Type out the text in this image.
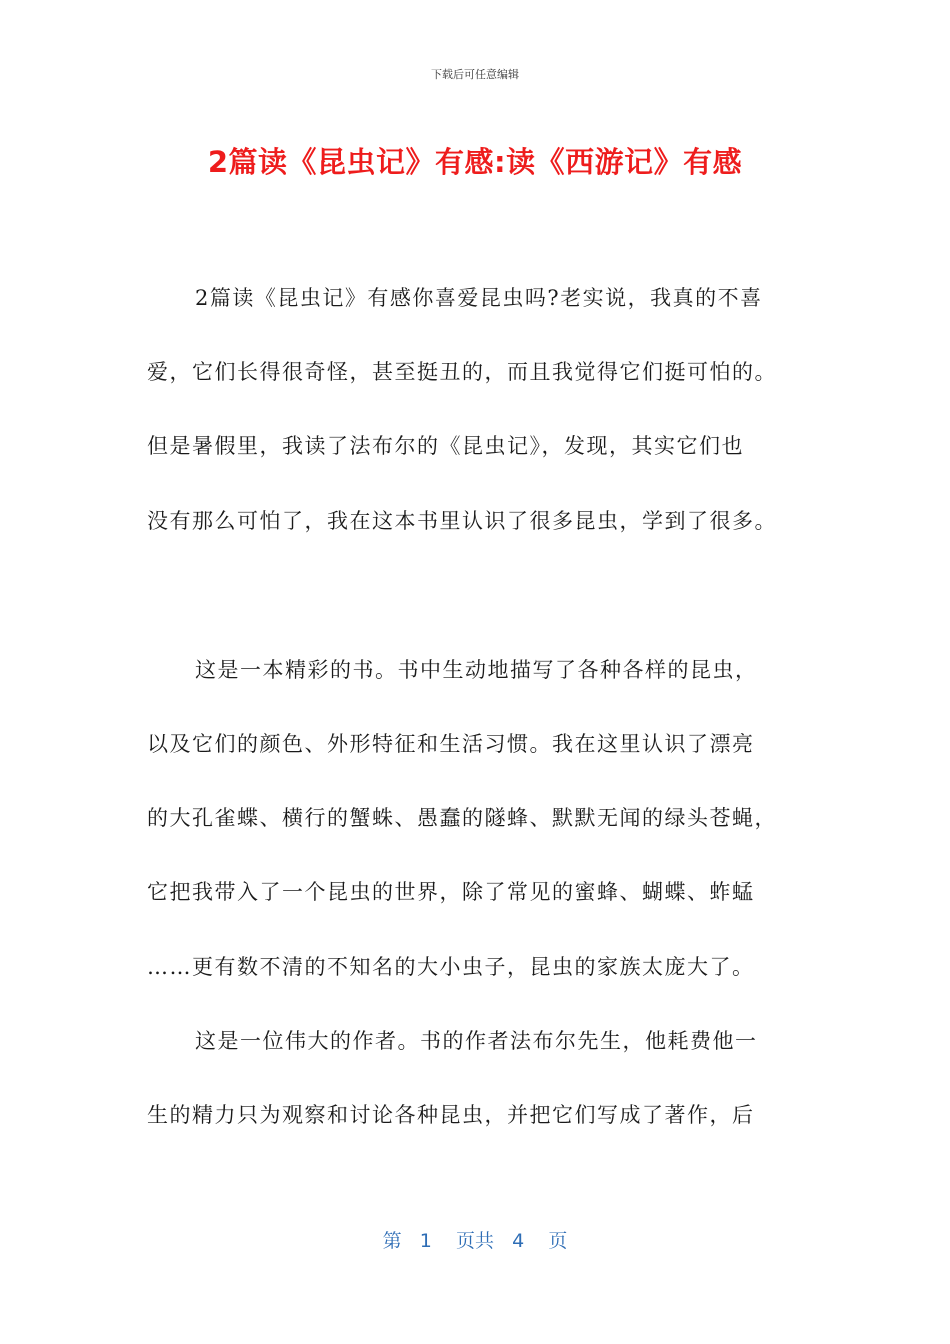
下载后可任意编辑
2篇读《昆虫记》有感:读《西游记》有感
2篇读《昆虫记》有感你喜爱昆虫吗?老实说，我真的不喜
爱，它们长得很奇怪，甚至挺丑的，而且我觉得它们挺可怕的。
但是暑假里，我读了法布尔的《昆虫记》，发现，其实它们也
没有那么可怕了，我在这本书里认识了很多昆虫，学到了很多。
这是一本精彩的书。书中生动地描写了各种各样的昆虫，
以及它们的颜色、外形特征和生活习惯。我在这里认识了漂亮
的大孔雀蝶、横行的蟹蛛、愚蠢的隧蜂、默默无闻的绿头苍蝇，
它把我带入了一个昆虫的世界，除了常见的蜜蜂、蝴蝶、蚱蜢
……更有数不清的不知名的大小虫子，昆虫的家族太庞大了。
这是一位伟大的作者。书的作者法布尔先生，他耗费他一
生的精力只为观察和讨论各种昆虫，并把它们写成了著作，后
第 1 页共 4 页
